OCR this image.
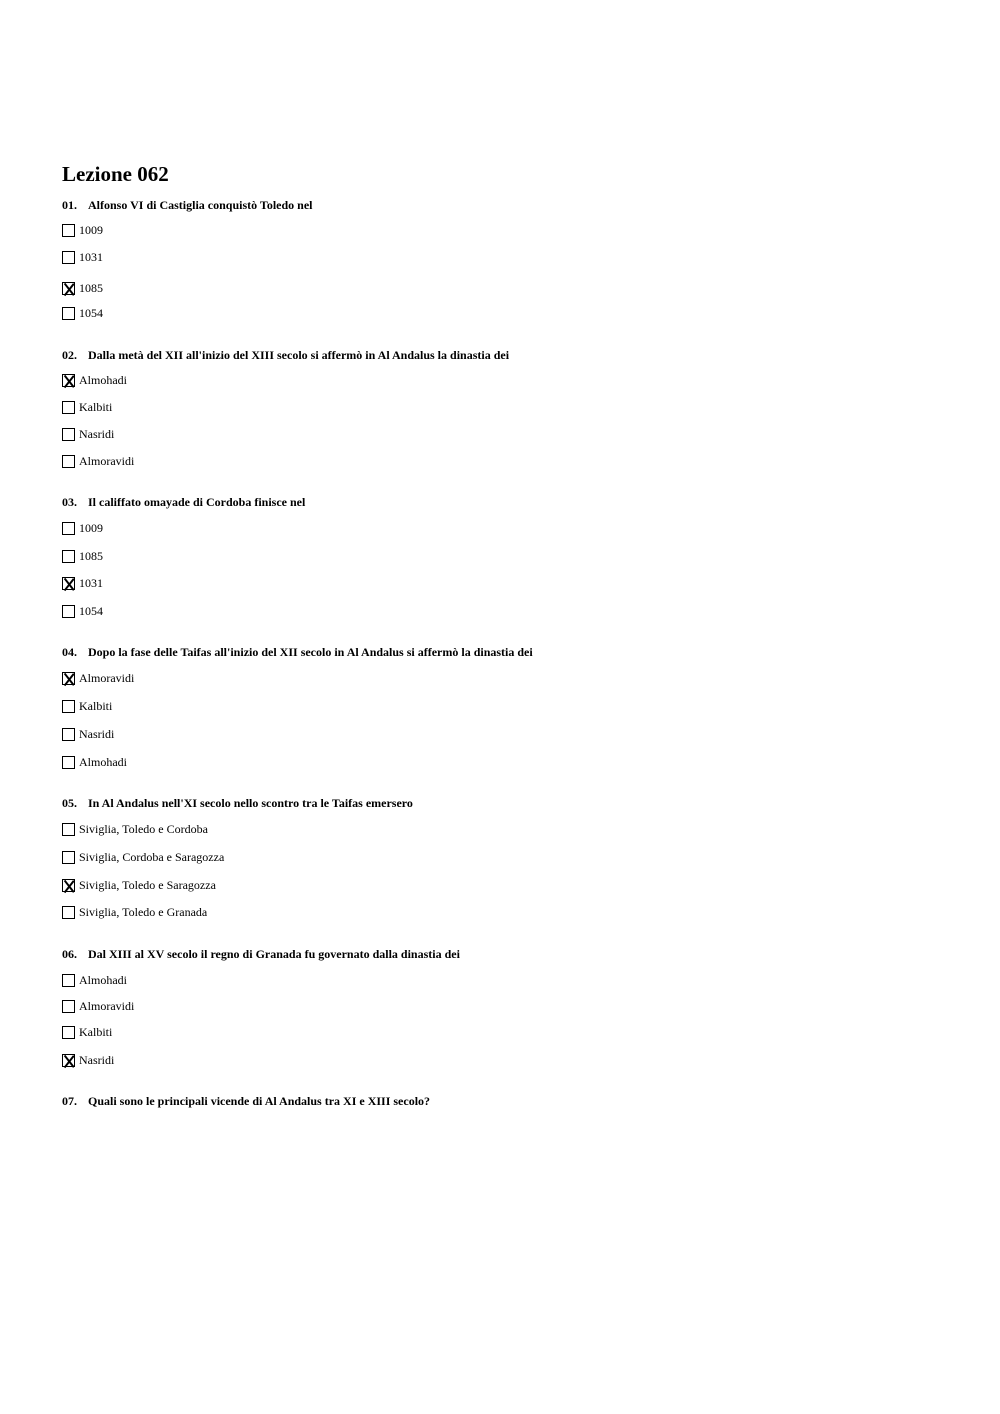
Lezione 062
01. Alfonso VI di Castiglia conquistò Toledo nel
1009
1031
1085
1054
02. Dalla metà del XII all'inizio del XIII secolo si affermò in Al Andalus la dinastia dei
Almohadi
Kalbiti
Nasridi
Almoravidi
03. Il califfato omayade di Cordoba finisce nel
1009
1085
1031
1054
04. Dopo la fase delle Taifas all'inizio del XII secolo in Al Andalus si affermò la dinastia dei
Almoravidi
Kalbiti
Nasridi
Almohadi
05. In Al Andalus nell'XI secolo nello scontro tra le Taifas emersero
Siviglia, Toledo e Cordoba
Siviglia, Cordoba e Saragozza
Siviglia, Toledo e Saragozza
Siviglia, Toledo e Granada
06. Dal XIII al XV secolo il regno di Granada fu governato dalla dinastia dei
Almohadi
Almoravidi
Kalbiti
Nasridi
07. Quali sono le principali vicende di Al Andalus tra XI e XIII secolo?
